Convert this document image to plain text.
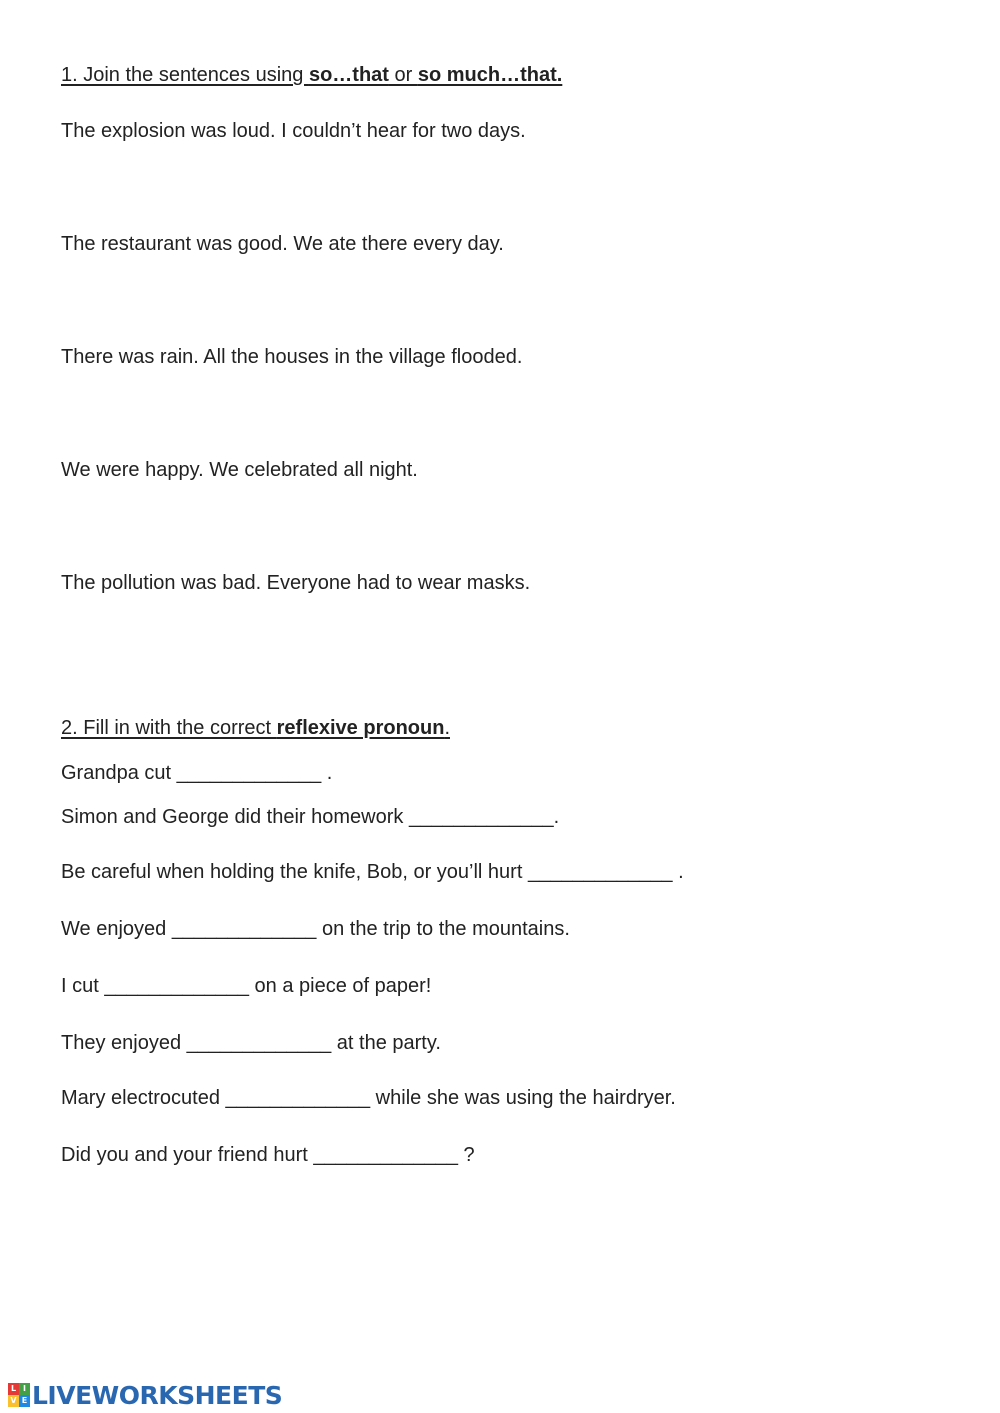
1. Join the sentences using so…that or so much…that.

The explosion was loud. I couldn’t hear for two days.

The restaurant was good. We ate there every day.

There was rain. All the houses in the village flooded.

We were happy. We celebrated all night.

The pollution was bad. Everyone had to wear masks.

2. Fill in with the correct reflexive pronoun.

Grandpa cut _____________ .

Simon and George did their homework _____________.

Be careful when holding the knife, Bob, or you’ll hurt _____________ .

We enjoyed _____________ on the trip to the mountains.

I cut _____________ on a piece of paper!

They enjoyed _____________ at the party.

Mary electrocuted _____________ while she was using the hairdryer.

Did you and your friend hurt _____________ ?

L I
V E LIVEWORKSHEETS
